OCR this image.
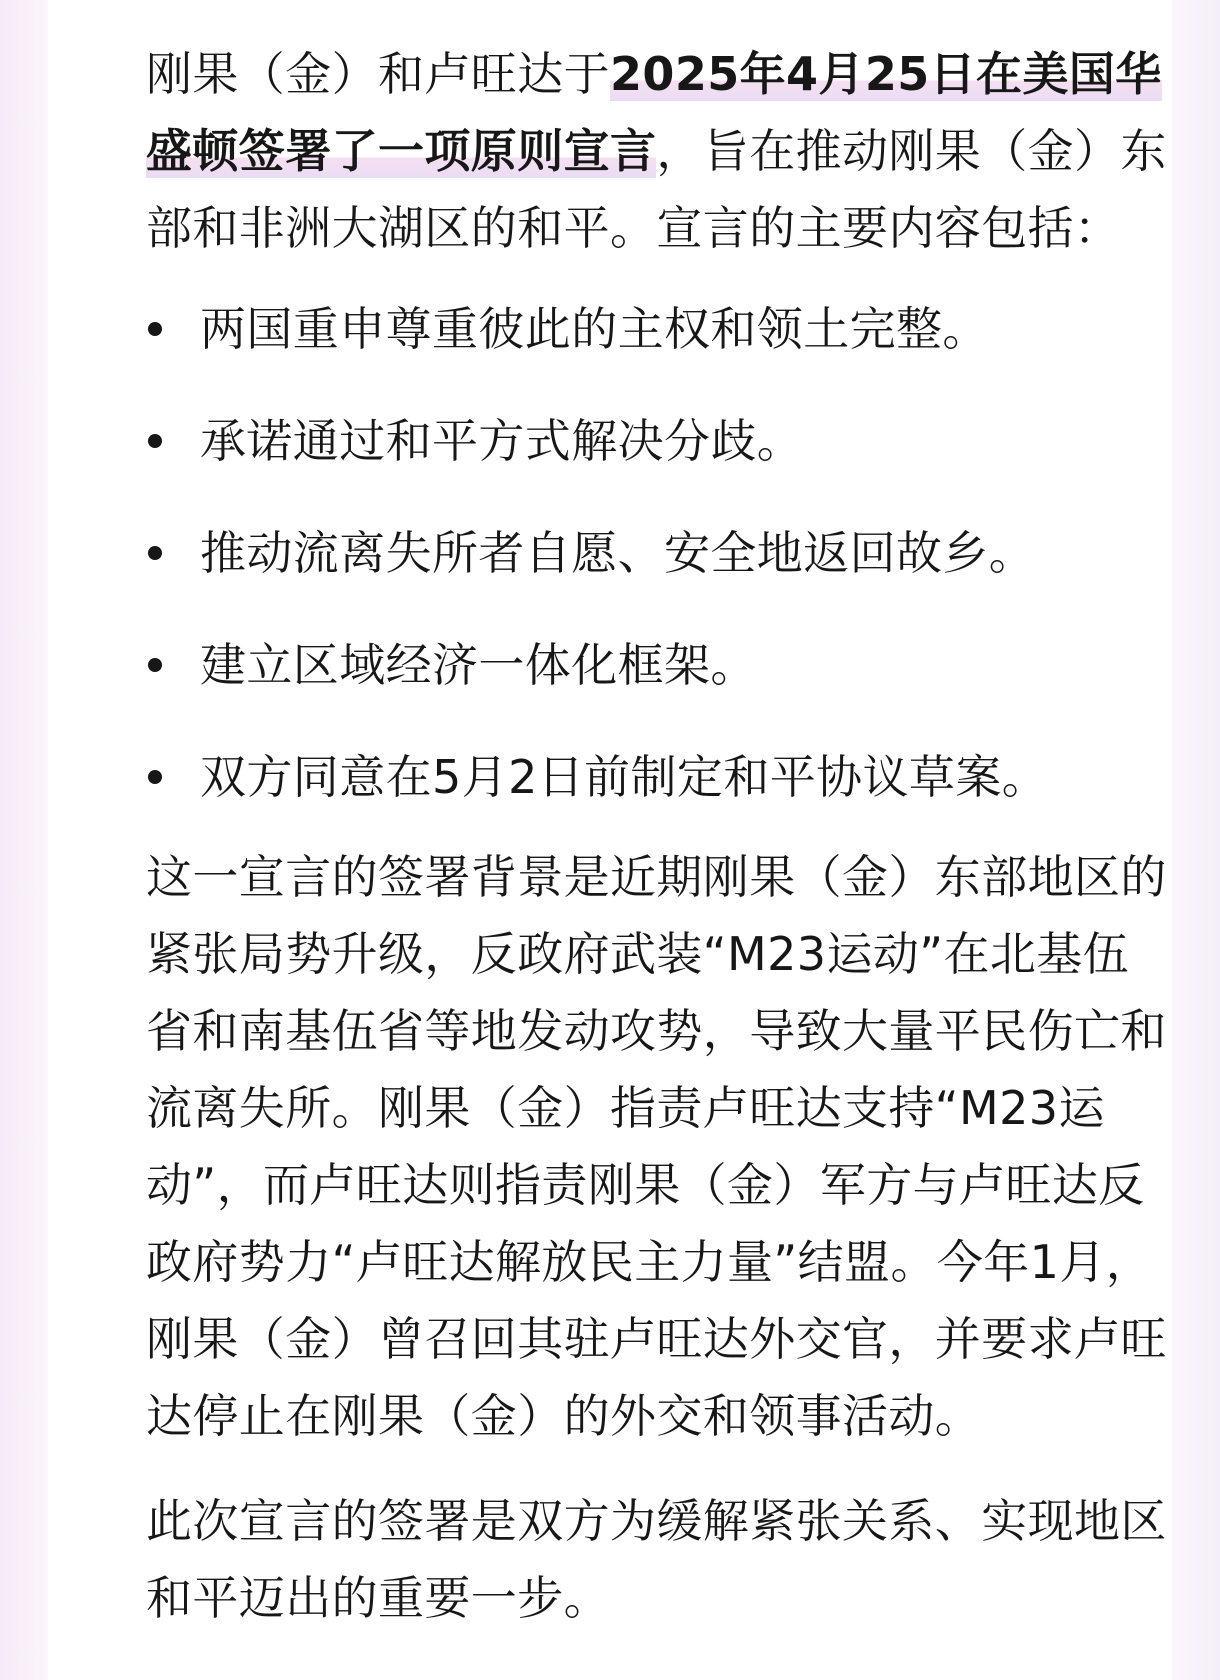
刚果（金）和卢旺达于2025年4月25日在美国华盛顿签署了一项原则宣言，旨在推动刚果（金）东部和非洲大湖区的和平。宣言的主要内容包括：

两国重申尊重彼此的主权和领土完整。
承诺通过和平方式解决分歧。
推动流离失所者自愿、安全地返回故乡。
建立区域经济一体化框架。
双方同意在5月2日前制定和平协议草案。

这一宣言的签署背景是近期刚果（金）东部地区的紧张局势升级，反政府武装“M23运动”在北基伍省和南基伍省等地发动攻势，导致大量平民伤亡和流离失所。刚果（金）指责卢旺达支持“M23运动”，而卢旺达则指责刚果（金）军方与卢旺达反政府势力“卢旺达解放民主力量”结盟。今年1月，刚果（金）曾召回其驻卢旺达外交官，并要求卢旺达停止在刚果（金）的外交和领事活动。

此次宣言的签署是双方为缓解紧张关系、实现地区和平迈出的重要一步。
